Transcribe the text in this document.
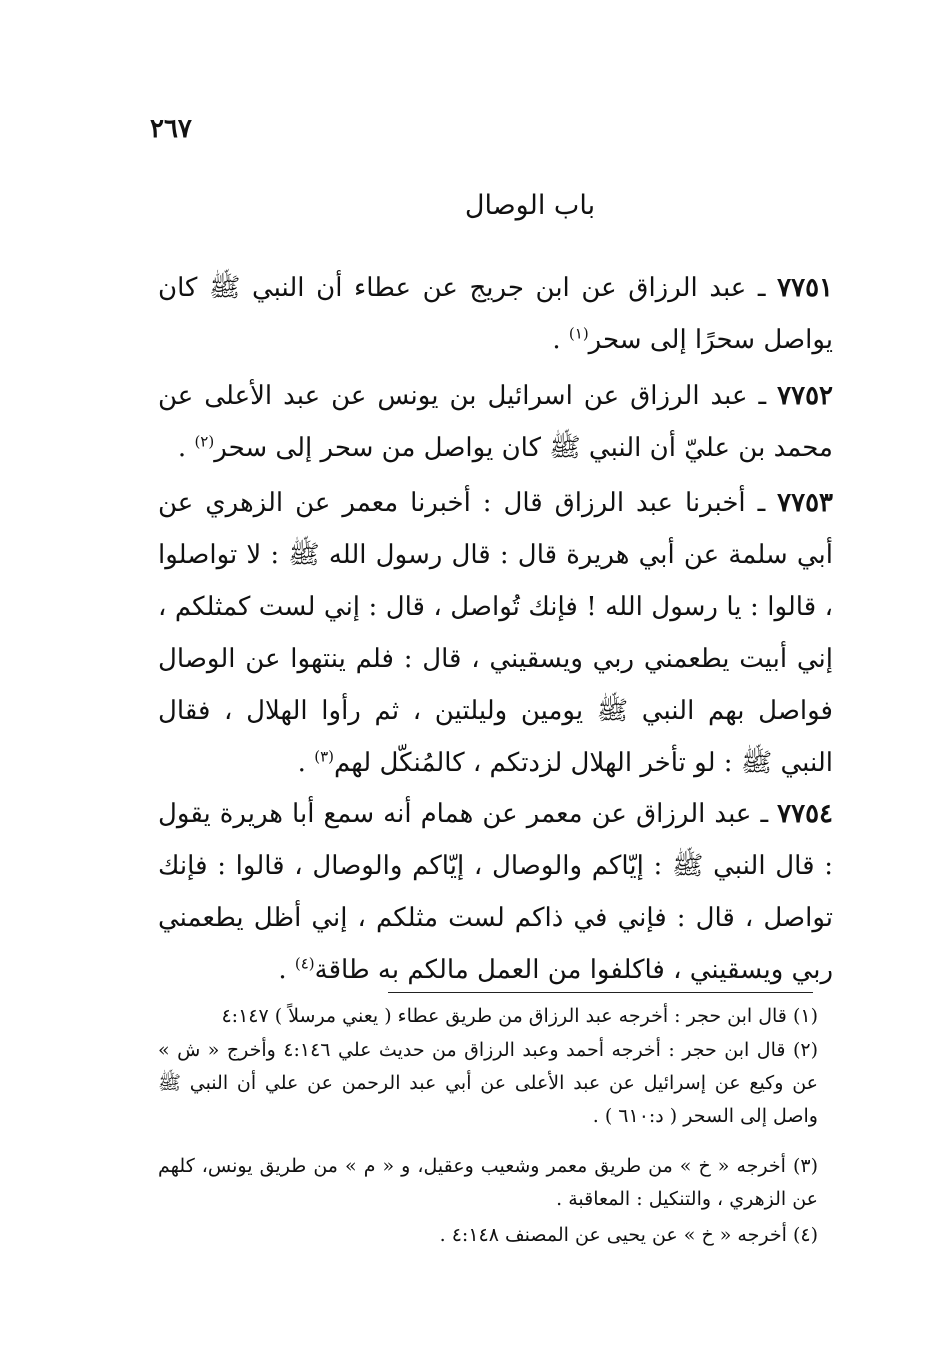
٢٦٧
باب الوصال
٧٧٥١ ـ عبد الرزاق عن ابن جريج عن عطاء أن النبي ﷺ كان يواصل سحرًا إلى سحر$^{(١)}$ .
٧٧٥٢ ـ عبد الرزاق عن اسرائيل بن يونس عن عبد الأعلى عن محمد بن عليّ أن النبي ﷺ كان يواصل من سحر إلى سحر$^{(٢)}$ .
٧٧٥٣ ـ أخبرنا عبد الرزاق قال : أخبرنا معمر عن الزهري عن أبي سلمة عن أبي هريرة قال : قال رسول الله ﷺ : لا تواصلوا ، قالوا : يا رسول الله ! فإنك تُواصل ، قال : إني لست كمثلكم ، إني أبيت يطعمني ربي ويسقيني ، قال : فلم ينتهوا عن الوصال فواصل بهم النبي ﷺ يومين وليلتين ، ثم رأوا الهلال ، فقال النبي ﷺ : لو تأخر الهلال لزدتكم ، كالمُنكّل لهم$^{(٣)}$ .
٧٧٥٤ ـ عبد الرزاق عن معمر عن همام أنه سمع أبا هريرة يقول : قال النبي ﷺ : إيّاكم والوصال ، إيّاكم والوصال ، قالوا : فإنك تواصل ، قال : فإني في ذاكم لست مثلكم ، إني أظل يطعمني ربي ويسقيني ، فاكلفوا من العمل مالكم به طاقة$^{(٤)}$ .
(١) قال ابن حجر : أخرجه عبد الرزاق من طريق عطاء ( يعني مرسلاً ) ٤:١٤٧
(٢) قال ابن حجر : أخرجه أحمد وعبد الرزاق من حديث علي ٤:١٤٦ وأخرج « ش » عن وكيع عن إسرائيل عن عبد الأعلى عن أبي عبد الرحمن عن علي أن النبي ﷺ واصل إلى السحر ( د:٦١٠ ) .
(٣) أخرجه « خ » من طريق معمر وشعيب وعقيل، و « م » من طريق يونس، كلهم عن الزهري ، والتنكيل : المعاقبة .
(٤) أخرجه « خ » عن يحيى عن المصنف ٤:١٤٨ .
